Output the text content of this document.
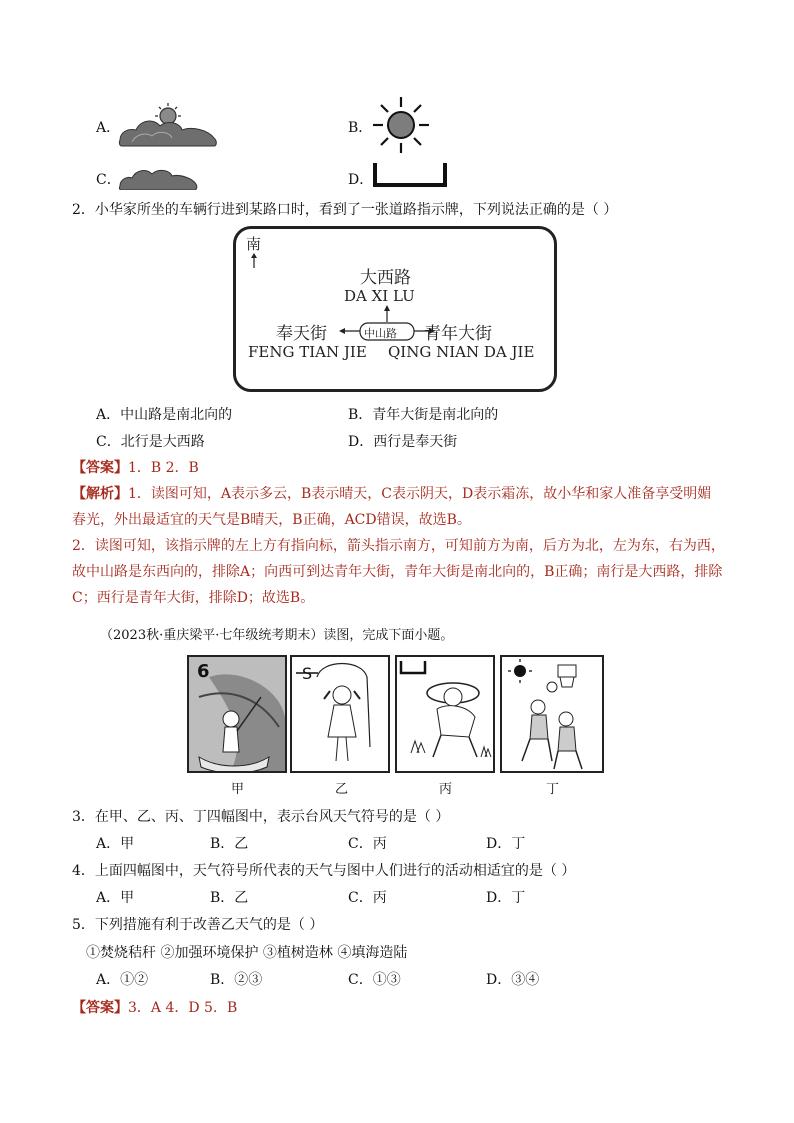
A．	B．
C．	D．
2．小华家所坐的车辆行进到某路口时，看到了一张道路指示牌，下列说法正确的是（ ）
南
大西路
DA XI LU
奉天街
FENG TIAN JIE
中山路 青年大街
QING NIAN DA JIE
A．中山路是南北向的	B．青年大街是南北向的
C．北行是大西路	D．西行是奉天街
【答案】1．B 2．B
【解析】1．读图可知，A表示多云，B表示晴天，C表示阴天，D表示霜冻，故小华和家人准备享受明媚
春光，外出最适宜的天气是B晴天，B正确，ACD错误，故选B。
2．读图可知，该指示牌的左上方有指向标，箭头指示南方，可知前方为南，后方为北，左为东，右为西，
故中山路是东西向的，排除A；向西可到达青年大街，青年大街是南北向的，B正确；南行是大西路，排除
C；西行是青年大街，排除D；故选B。
（2023秋·重庆梁平·七年级统考期末）读图，完成下面小题。
6	S
甲	乙	丙	丁
3．在甲、乙、丙、丁四幅图中，表示台风天气符号的是（ ）
A．甲	B．乙	C．丙	D．丁
4．上面四幅图中，天气符号所代表的天气与图中人们进行的活动相适宜的是（ ）
A．甲	B．乙	C．丙	D．丁
5．下列措施有利于改善乙天气的是（ ）
①焚烧秸秆 ②加强环境保护 ③植树造林 ④填海造陆
A．①②	B．②③	C．①③	D．③④
【答案】3．A 4．D 5．B
